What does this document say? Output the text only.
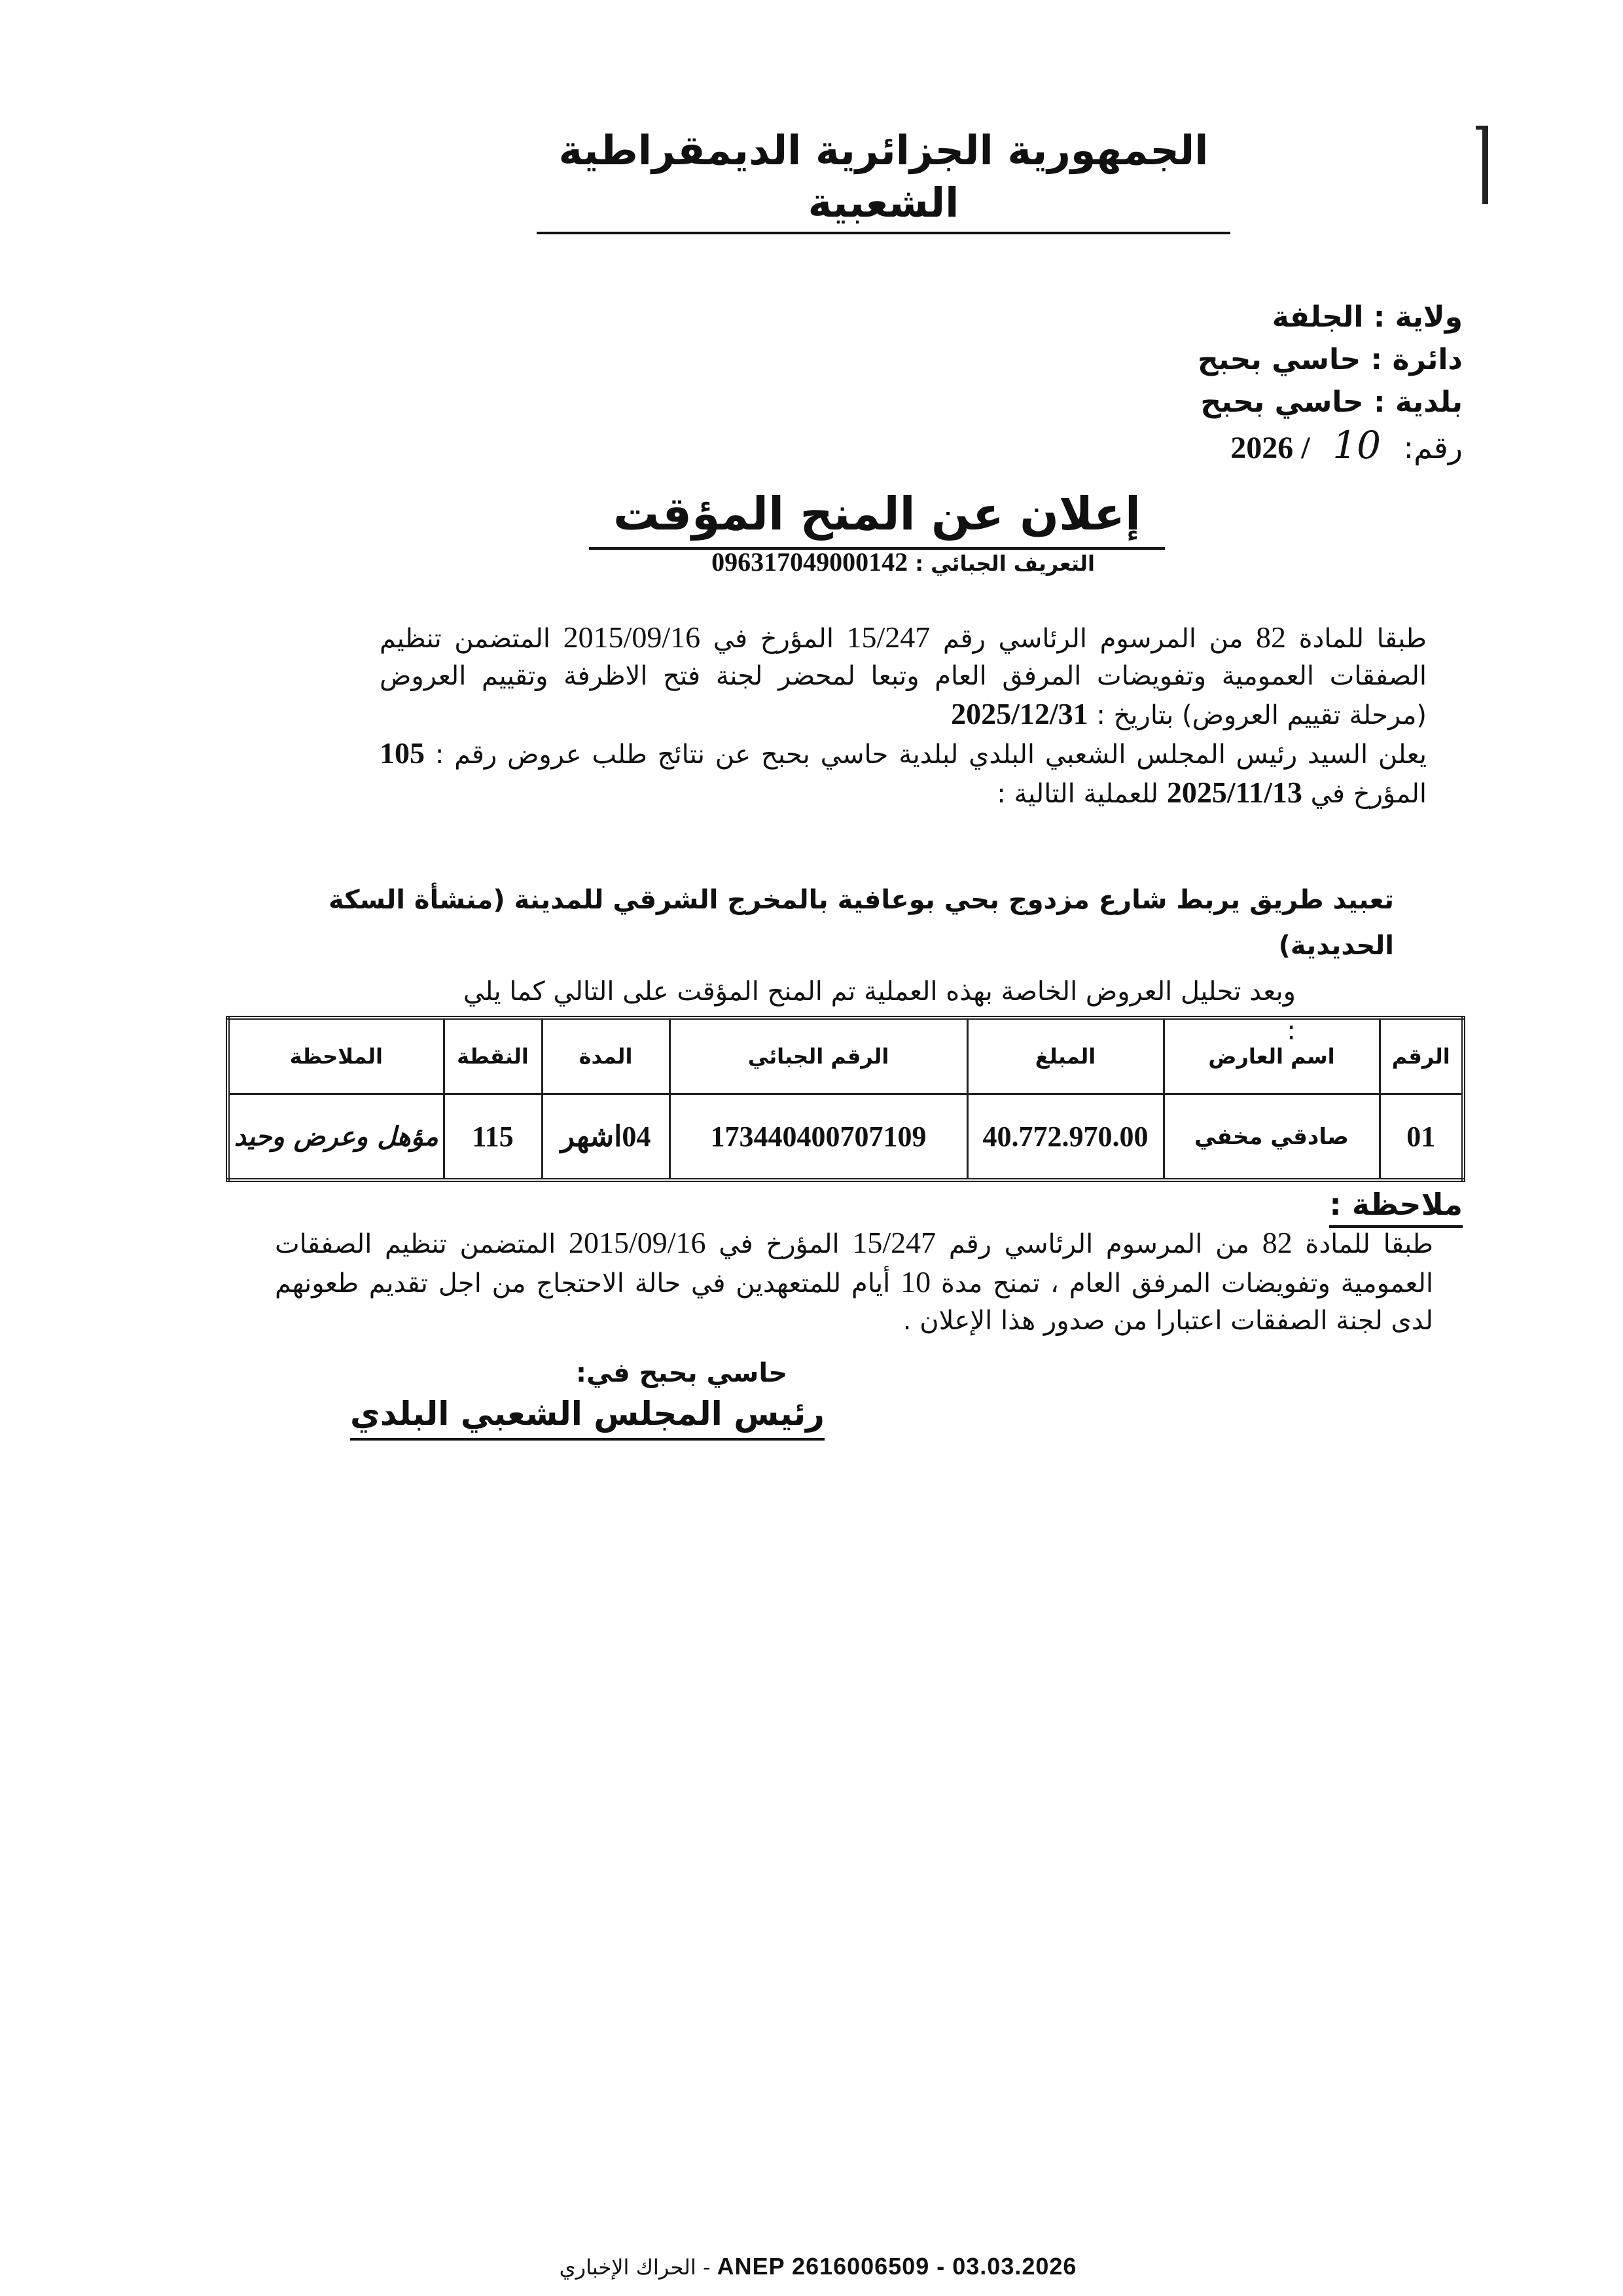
الجمهورية الجزائرية الديمقراطية الشعبية
ولاية : الجلفة
دائرة : حاسي بحبح
بلدية : حاسي بحبح
رقم: 10 2026 /
إعلان عن المنح المؤقت
التعريف الجبائي : 096317049000142
طبقا للمادة 82 من المرسوم الرئاسي رقم 15/247 المؤرخ في 2015/09/16 المتضمن تنظيم الصفقات العمومية وتفويضات المرفق العام وتبعا لمحضر لجنة فتح الاظرفة وتقييم العروض (مرحلة تقييم العروض) بتاريخ : 2025/12/31
يعلن السيد رئيس المجلس الشعبي البلدي لبلدية حاسي بحبح عن نتائج طلب عروض رقم : 105 المؤرخ في 2025/11/13 للعملية التالية :
تعبيد طريق يربط شارع مزدوج بحي بوعافية بالمخرج الشرقي للمدينة (منشأة السكة الحديدية)
وبعد تحليل العروض الخاصة بهذه العملية تم المنح المؤقت على التالي كما يلي :
الرقم	اسم العارض	المبلغ	الرقم الجبائي	المدة	النقطة	الملاحظة
01	صادقي مخفي	40.772.970.00	173440400707109	04اشهر	115	مؤهل وعرض وحيد
ملاحظة :
طبقا للمادة 82 من المرسوم الرئاسي رقم 15/247 المؤرخ في 2015/09/16 المتضمن تنظيم الصفقات العمومية وتفويضات المرفق العام ، تمنح مدة 10 أيام للمتعهدين في حالة الاحتجاج من اجل تقديم طعونهم لدى لجنة الصفقات اعتبارا من صدور هذا الإعلان .
حاسي بحبح في:
رئيس المجلس الشعبي البلدي
الحراك الإخباري - ANEP 2616006509 - 03.03.2026
